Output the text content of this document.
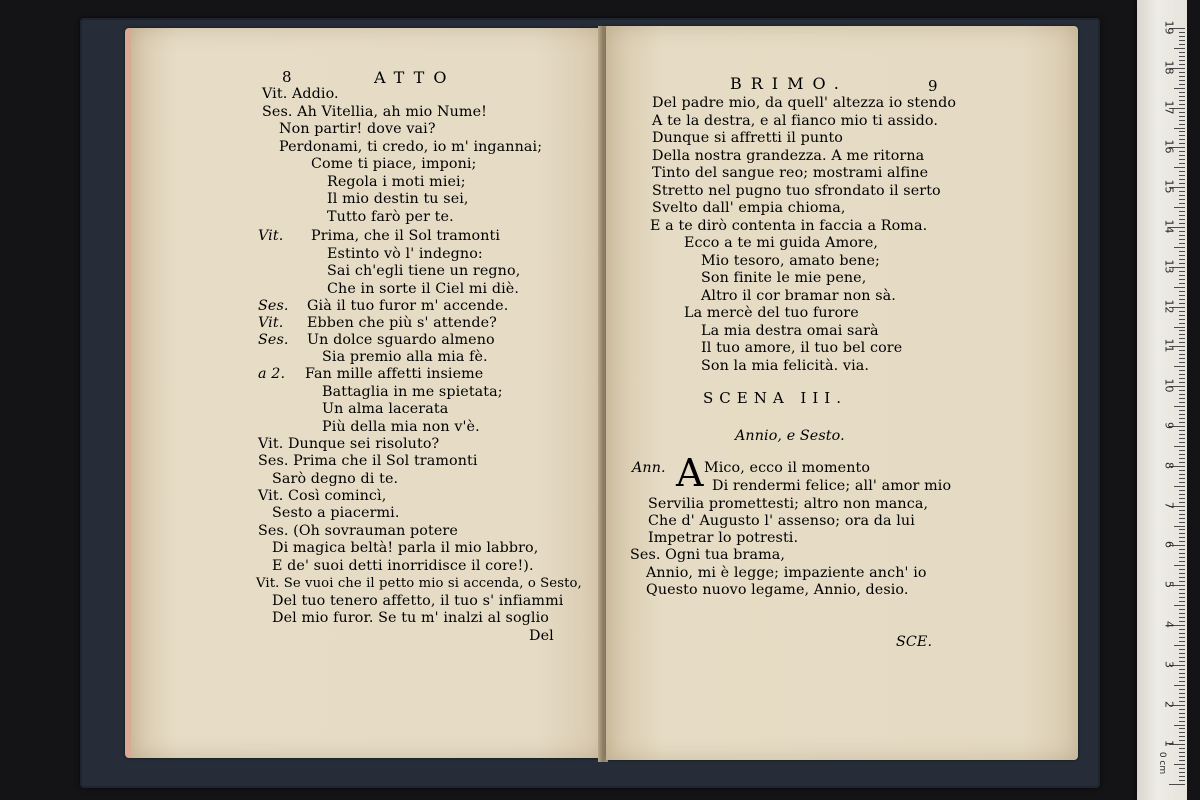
8	ATTO
Vit. Addio.
Ses. Ah Vitellia, ah mio Nume!
Non partir! dove vai?
Perdonami, ti credo, io m' ingannai;
Come ti piace, imponi;
Regola i moti miei;
Il mio destin tu sei,
Tutto farò per te.
Vit. Prima, che il Sol tramonti
Estinto vò l' indegno:
Sai ch'egli tiene un regno,
Che in sorte il Ciel mi diè.
Ses. Già il tuo furor m' accende.
Vit. Ebben che più s' attende?
Ses. Un dolce sguardo almeno
Sia premio alla mia fè.
a 2. Fan mille affetti insieme
Battaglia in me spietata;
Un alma lacerata
Più della mia non v'è.
Vit. Dunque sei risoluto?
Ses. Prima che il Sol tramonti
Sarò degno di te.
Vit. Così comincì,
Sesto a piacermi.
Ses. (Oh sovrauman potere
Di magica beltà! parla il mio labbro,
E de' suoi detti inorridisce il core!).
Vit. Se vuoi che il petto mio si accenda, o Sesto,
Del tuo tenero affetto, il tuo s' infiammi
Del mio furor. Se tu m' inalzi al soglio
Del
BRIMO.	9
Del padre mio, da quell' altezza io stendo
A te la destra, e al fianco mio ti assido.
Dunque si affretti il punto
Della nostra grandezza. A me ritorna
Tinto del sangue reo; mostrami alfine
Stretto nel pugno tuo sfrondato il serto
Svelto dall' empia chioma,
E a te dirò contenta in faccia a Roma.
Ecco a te mi guida Amore,
Mio tesoro, amato bene;
Son finite le mie pene,
Altro il cor bramar non sà.
La mercè del tuo furore
La mia destra omai sarà
Il tuo amore, il tuo bel core
Son la mia felicità. via.
SCENA III.
Annio, e Sesto.
Ann. A Mico, ecco il momento
Di rendermi felice; all' amor mio
Servilia promettesti; altro non manca,
Che d' Augusto l' assenso; ora da lui
Impetrar lo potresti.
Ses. Ogni tua brama,
Annio, mi è legge; impaziente anch' io
Questo nuovo legame, Annio, desio.
SCE.
0 cm
19
18
17
16
15
14
13
12
11
10
9
8
7
6
5
4
3
2
1
